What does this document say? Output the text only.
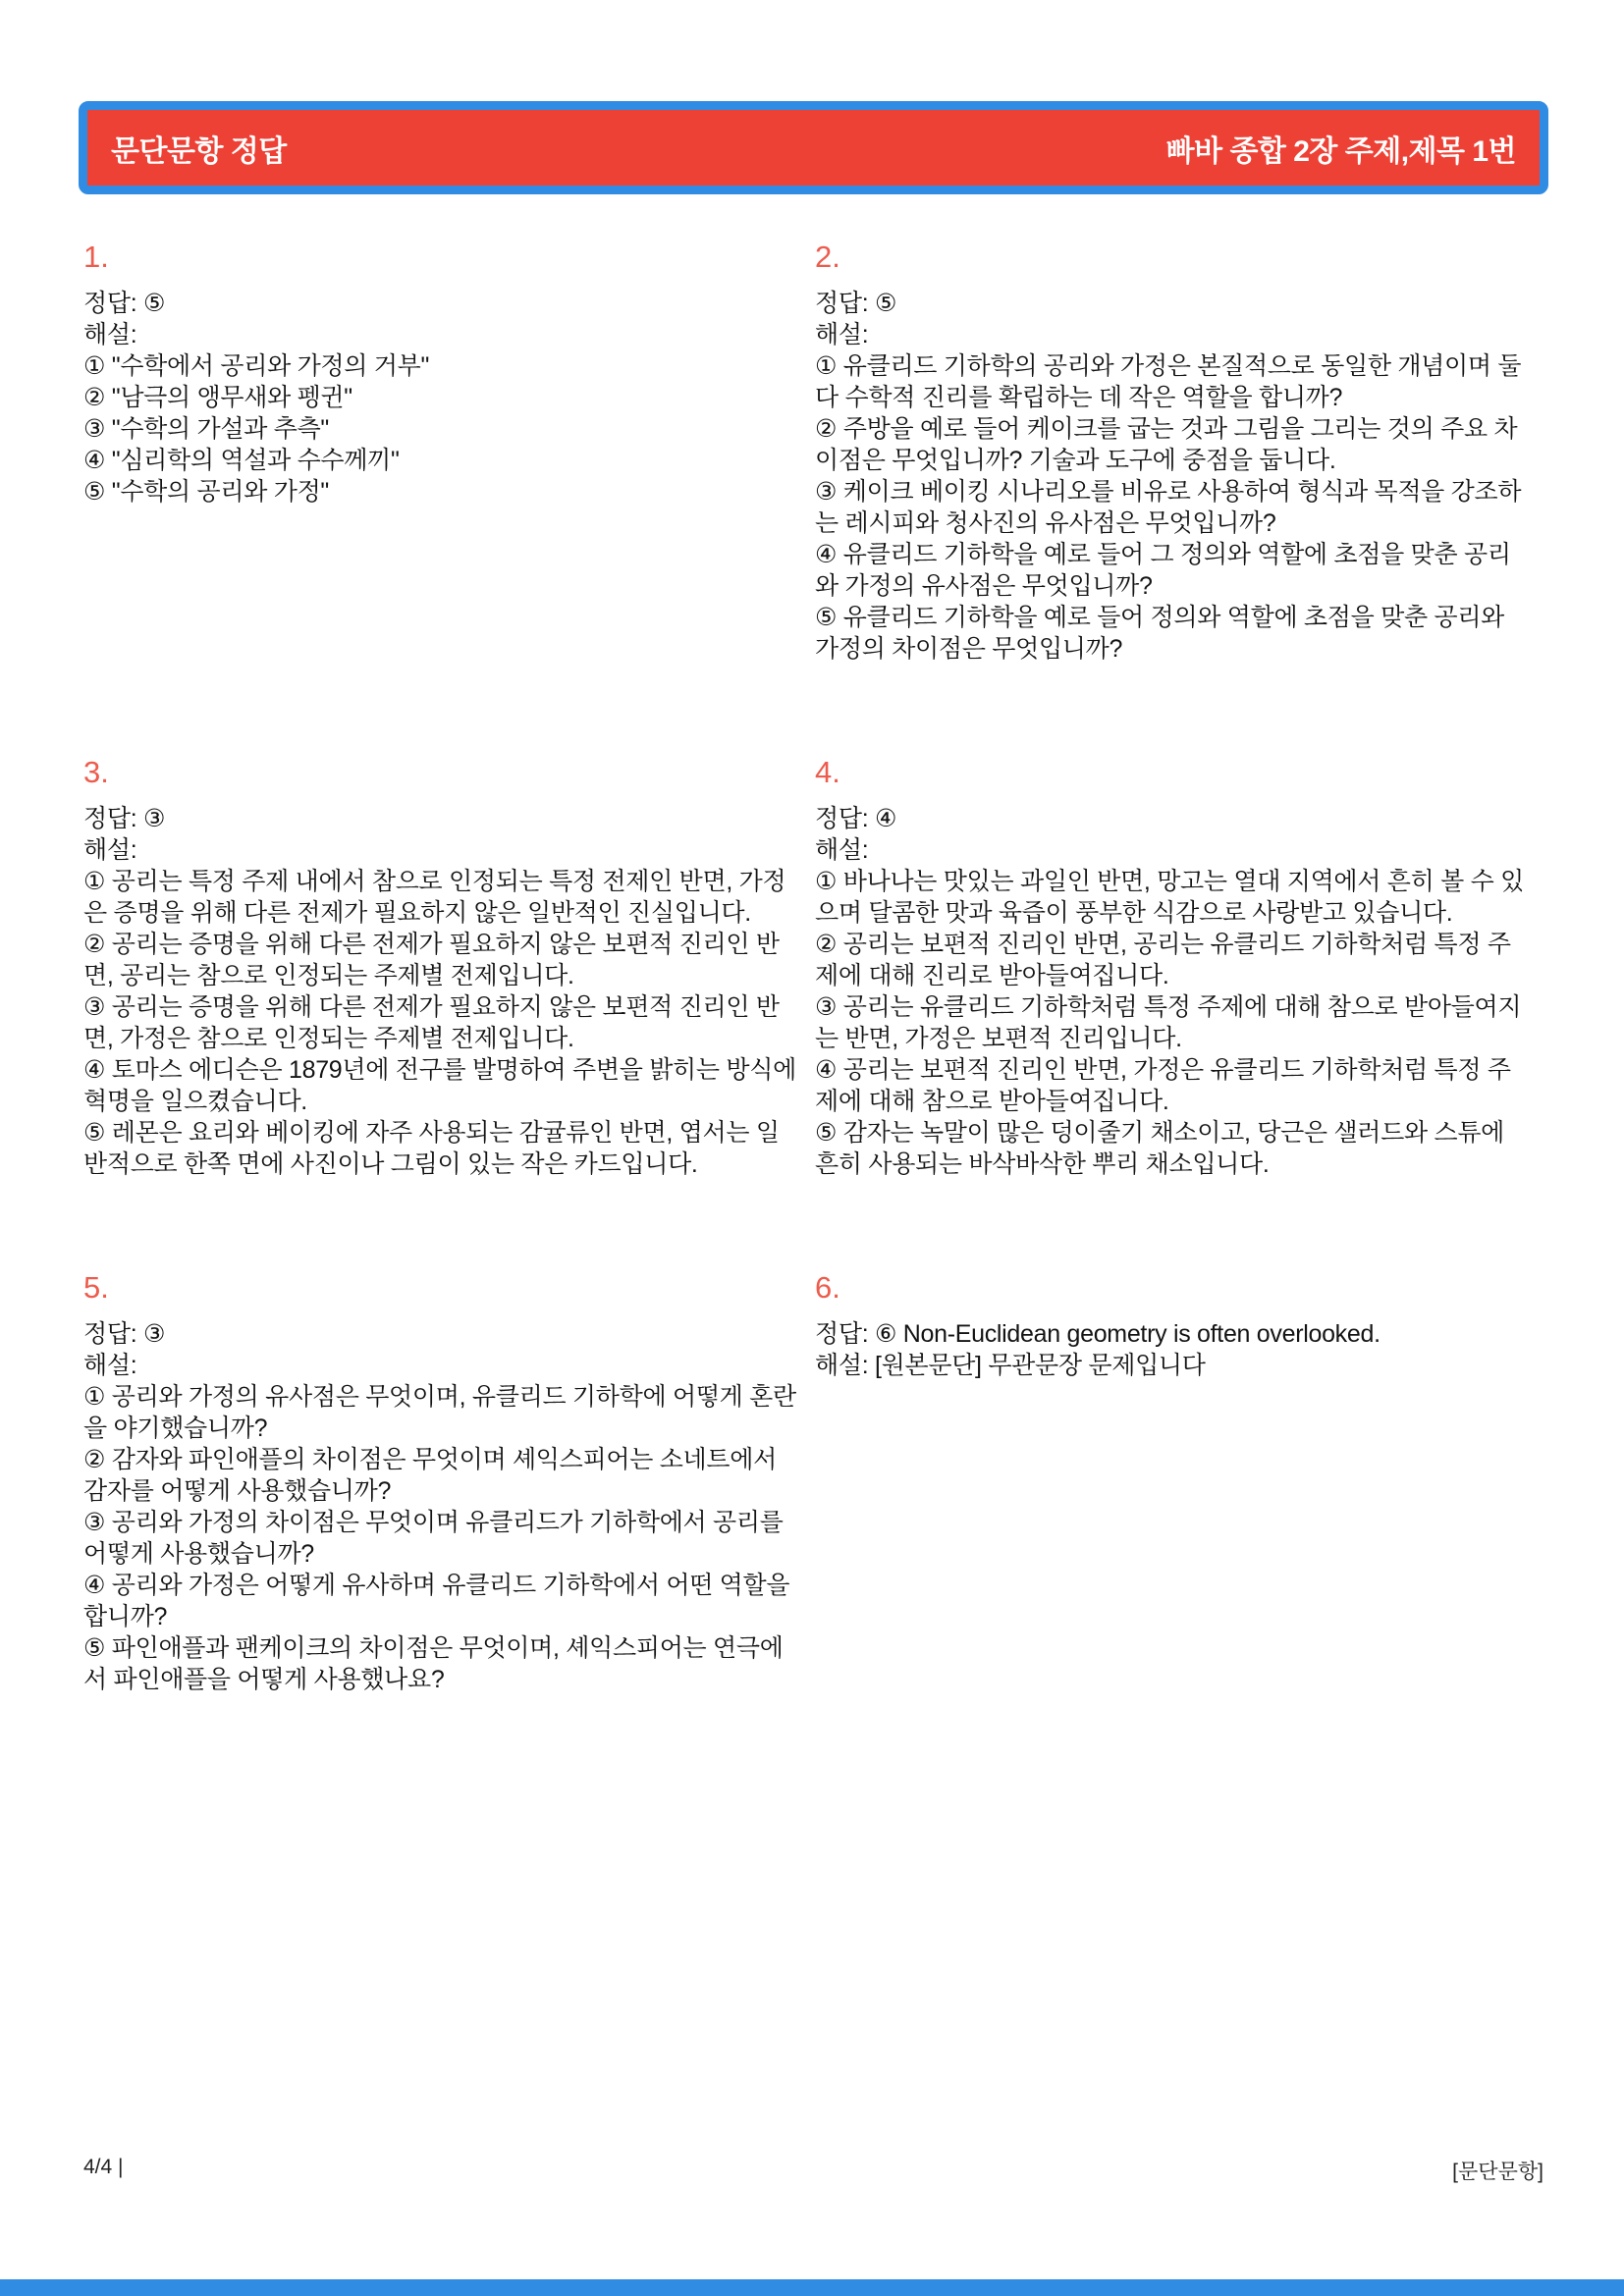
문단문항 정답	빠바 종합 2장 주제,제목 1번
1.
정답: ⑤
해설:
① "수학에서 공리와 가정의 거부"
② "남극의 앵무새와 펭귄"
③ "수학의 가설과 추측"
④ "심리학의 역설과 수수께끼"
⑤ "수학의 공리와 가정"
2.
정답: ⑤
해설:
① 유클리드 기하학의 공리와 가정은 본질적으로 동일한 개념이며 둘 다 수학적 진리를 확립하는 데 작은 역할을 합니까?
② 주방을 예로 들어 케이크를 굽는 것과 그림을 그리는 것의 주요 차이점은 무엇입니까? 기술과 도구에 중점을 둡니다.
③ 케이크 베이킹 시나리오를 비유로 사용하여 형식과 목적을 강조하는 레시피와 청사진의 유사점은 무엇입니까?
④ 유클리드 기하학을 예로 들어 그 정의와 역할에 초점을 맞춘 공리와 가정의 유사점은 무엇입니까?
⑤ 유클리드 기하학을 예로 들어 정의와 역할에 초점을 맞춘 공리와 가정의 차이점은 무엇입니까?
3.
정답: ③
해설:
① 공리는 특정 주제 내에서 참으로 인정되는 특정 전제인 반면, 가정은 증명을 위해 다른 전제가 필요하지 않은 일반적인 진실입니다.
② 공리는 증명을 위해 다른 전제가 필요하지 않은 보편적 진리인 반면, 공리는 참으로 인정되는 주제별 전제입니다.
③ 공리는 증명을 위해 다른 전제가 필요하지 않은 보편적 진리인 반면, 가정은 참으로 인정되는 주제별 전제입니다.
④ 토마스 에디슨은 1879년에 전구를 발명하여 주변을 밝히는 방식에 혁명을 일으켰습니다.
⑤ 레몬은 요리와 베이킹에 자주 사용되는 감귤류인 반면, 엽서는 일반적으로 한쪽 면에 사진이나 그림이 있는 작은 카드입니다.
4.
정답: ④
해설:
① 바나나는 맛있는 과일인 반면, 망고는 열대 지역에서 흔히 볼 수 있으며 달콤한 맛과 육즙이 풍부한 식감으로 사랑받고 있습니다.
② 공리는 보편적 진리인 반면, 공리는 유클리드 기하학처럼 특정 주제에 대해 진리로 받아들여집니다.
③ 공리는 유클리드 기하학처럼 특정 주제에 대해 참으로 받아들여지는 반면, 가정은 보편적 진리입니다.
④ 공리는 보편적 진리인 반면, 가정은 유클리드 기하학처럼 특정 주제에 대해 참으로 받아들여집니다.
⑤ 감자는 녹말이 많은 덩이줄기 채소이고, 당근은 샐러드와 스튜에 흔히 사용되는 바삭바삭한 뿌리 채소입니다.
5.
정답: ③
해설:
① 공리와 가정의 유사점은 무엇이며, 유클리드 기하학에 어떻게 혼란을 야기했습니까?
② 감자와 파인애플의 차이점은 무엇이며 셰익스피어는 소네트에서 감자를 어떻게 사용했습니까?
③ 공리와 가정의 차이점은 무엇이며 유클리드가 기하학에서 공리를 어떻게 사용했습니까?
④ 공리와 가정은 어떻게 유사하며 유클리드 기하학에서 어떤 역할을 합니까?
⑤ 파인애플과 팬케이크의 차이점은 무엇이며, 셰익스피어는 연극에서 파인애플을 어떻게 사용했나요?
6.
정답: ⑥ Non-Euclidean geometry is often overlooked.
해설: [원본문단] 무관문장 문제입니다
4/4 |	[문단문항]
